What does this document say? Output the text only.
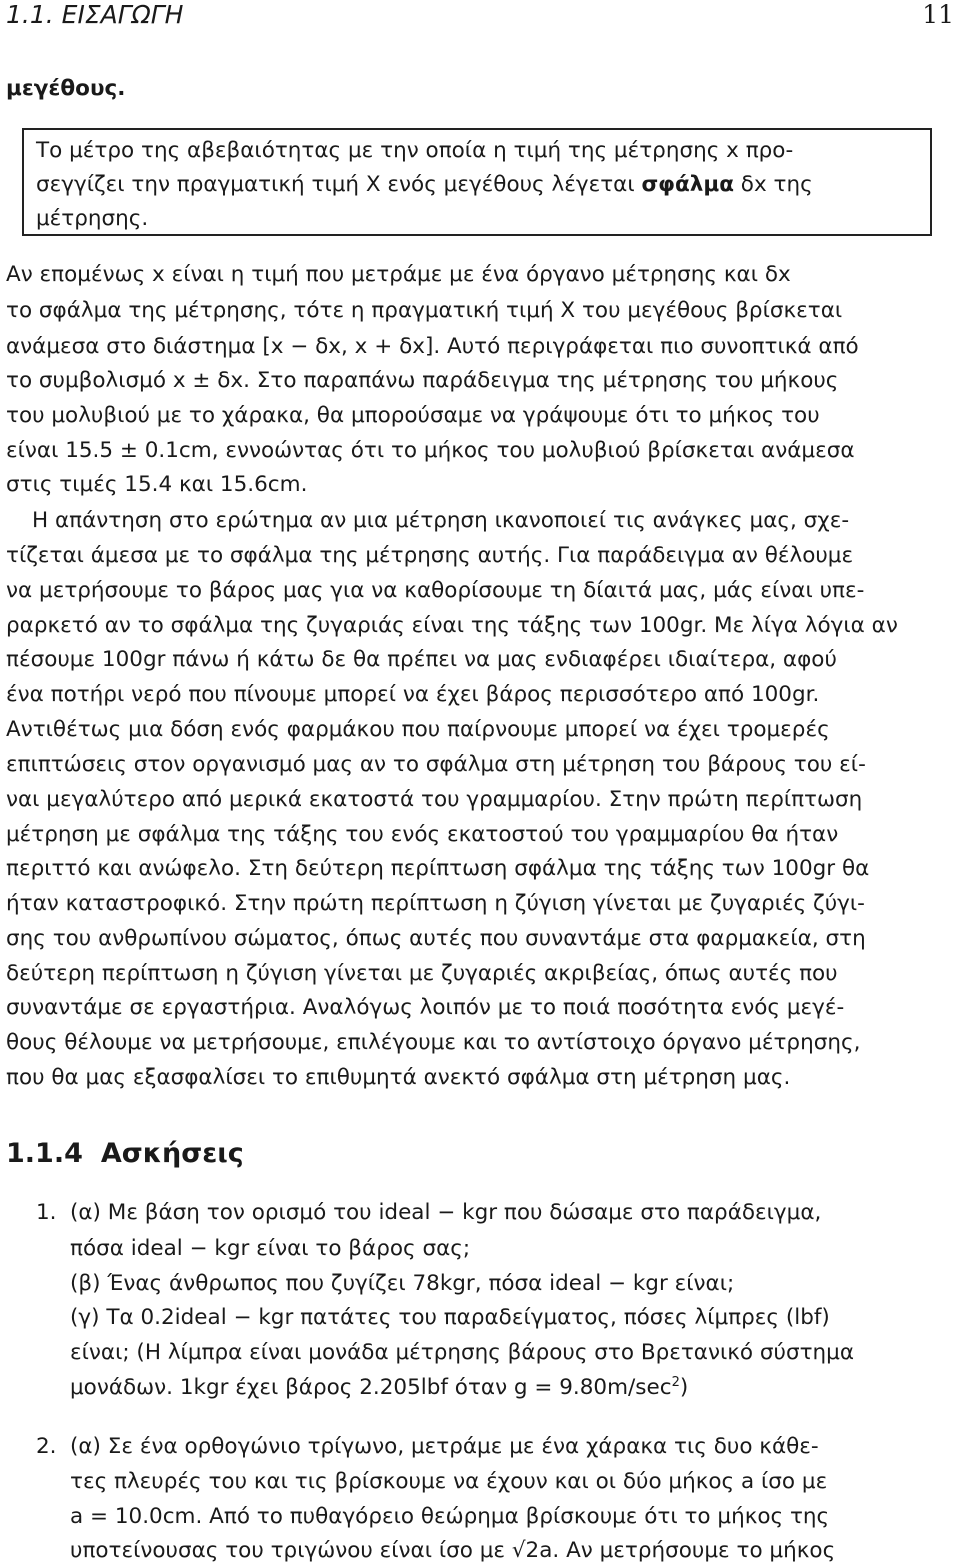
1.1. ΕΙΣΑΓΩΓΗ	11
μεγέθους.
Το μέτρο της αβεβαιότητας με την οποία η τιμή της μέτρησης x προ-
σεγγίζει την πραγματική τιμή X ενός μεγέθους λέγεται σφάλμα δx της
μέτρησης.
Αν επομένως x είναι η τιμή που μετράμε με ένα όργανο μέτρησης και δx
το σφάλμα της μέτρησης, τότε η πραγματική τιμή X του μεγέθους βρίσκεται
ανάμεσα στο διάστημα [x − δx, x + δx]. Αυτό περιγράφεται πιο συνοπτικά από
το συμβολισμό x ± δx. Στο παραπάνω παράδειγμα της μέτρησης του μήκους
του μολυβιού με το χάρακα, θα μπορούσαμε να γράψουμε ότι το μήκος του
είναι 15.5 ± 0.1cm, εννοώντας ότι το μήκος του μολυβιού βρίσκεται ανάμεσα
στις τιμές 15.4 και 15.6cm.
Η απάντηση στο ερώτημα αν μια μέτρηση ικανοποιεί τις ανάγκες μας, σχε-
τίζεται άμεσα με το σφάλμα της μέτρησης αυτής. Για παράδειγμα αν θέλουμε
να μετρήσουμε το βάρος μας για να καθορίσουμε τη δίαιτά μας, μάς είναι υπε-
ραρκετό αν το σφάλμα της ζυγαριάς είναι της τάξης των 100gr. Με λίγα λόγια αν
πέσουμε 100gr πάνω ή κάτω δε θα πρέπει να μας ενδιαφέρει ιδιαίτερα, αφού
ένα ποτήρι νερό που πίνουμε μπορεί να έχει βάρος περισσότερο από 100gr.
Αντιθέτως μια δόση ενός φαρμάκου που παίρνουμε μπορεί να έχει τρομερές
επιπτώσεις στον οργανισμό μας αν το σφάλμα στη μέτρηση του βάρους του εί-
ναι μεγαλύτερο από μερικά εκατοστά του γραμμαρίου. Στην πρώτη περίπτωση
μέτρηση με σφάλμα της τάξης του ενός εκατοστού του γραμμαρίου θα ήταν
περιττό και ανώφελο. Στη δεύτερη περίπτωση σφάλμα της τάξης των 100gr θα
ήταν καταστροφικό. Στην πρώτη περίπτωση η ζύγιση γίνεται με ζυγαριές ζύγι-
σης του ανθρωπίνου σώματος, όπως αυτές που συναντάμε στα φαρμακεία, στη
δεύτερη περίπτωση η ζύγιση γίνεται με ζυγαριές ακριβείας, όπως αυτές που
συναντάμε σε εργαστήρια. Αναλόγως λοιπόν με το ποιά ποσότητα ενός μεγέ-
θους θέλουμε να μετρήσουμε, επιλέγουμε και το αντίστοιχο όργανο μέτρησης,
που θα μας εξασφαλίσει το επιθυμητά ανεκτό σφάλμα στη μέτρηση μας.
1.1.4 Ασκήσεις
1. (α) Με βάση τον ορισμό του ideal − kgr που δώσαμε στο παράδειγμα,
πόσα ideal − kgr είναι το βάρος σας;
(β) Ένας άνθρωπος που ζυγίζει 78kgr, πόσα ideal − kgr είναι;
(γ) Τα 0.2ideal − kgr πατάτες του παραδείγματος, πόσες λίμπρες (lbf)
είναι; (Η λίμπρα είναι μονάδα μέτρησης βάρους στο Βρετανικό σύστημα
μονάδων. 1kgr έχει βάρος 2.205lbf όταν $g = 9.80m/\sec^2$)
2. (α) Σε ένα ορθογώνιο τρίγωνο, μετράμε με ένα χάρακα τις δυο κάθε-
τες πλευρές του και τις βρίσκουμε να έχουν και οι δύο μήκος a ίσο με
a = 10.0cm. Από το πυθαγόρειο θεώρημα βρίσκουμε ότι το μήκος της
υποτείνουσας του τριγώνου είναι ίσο με √2a. Αν μετρήσουμε το μήκος
